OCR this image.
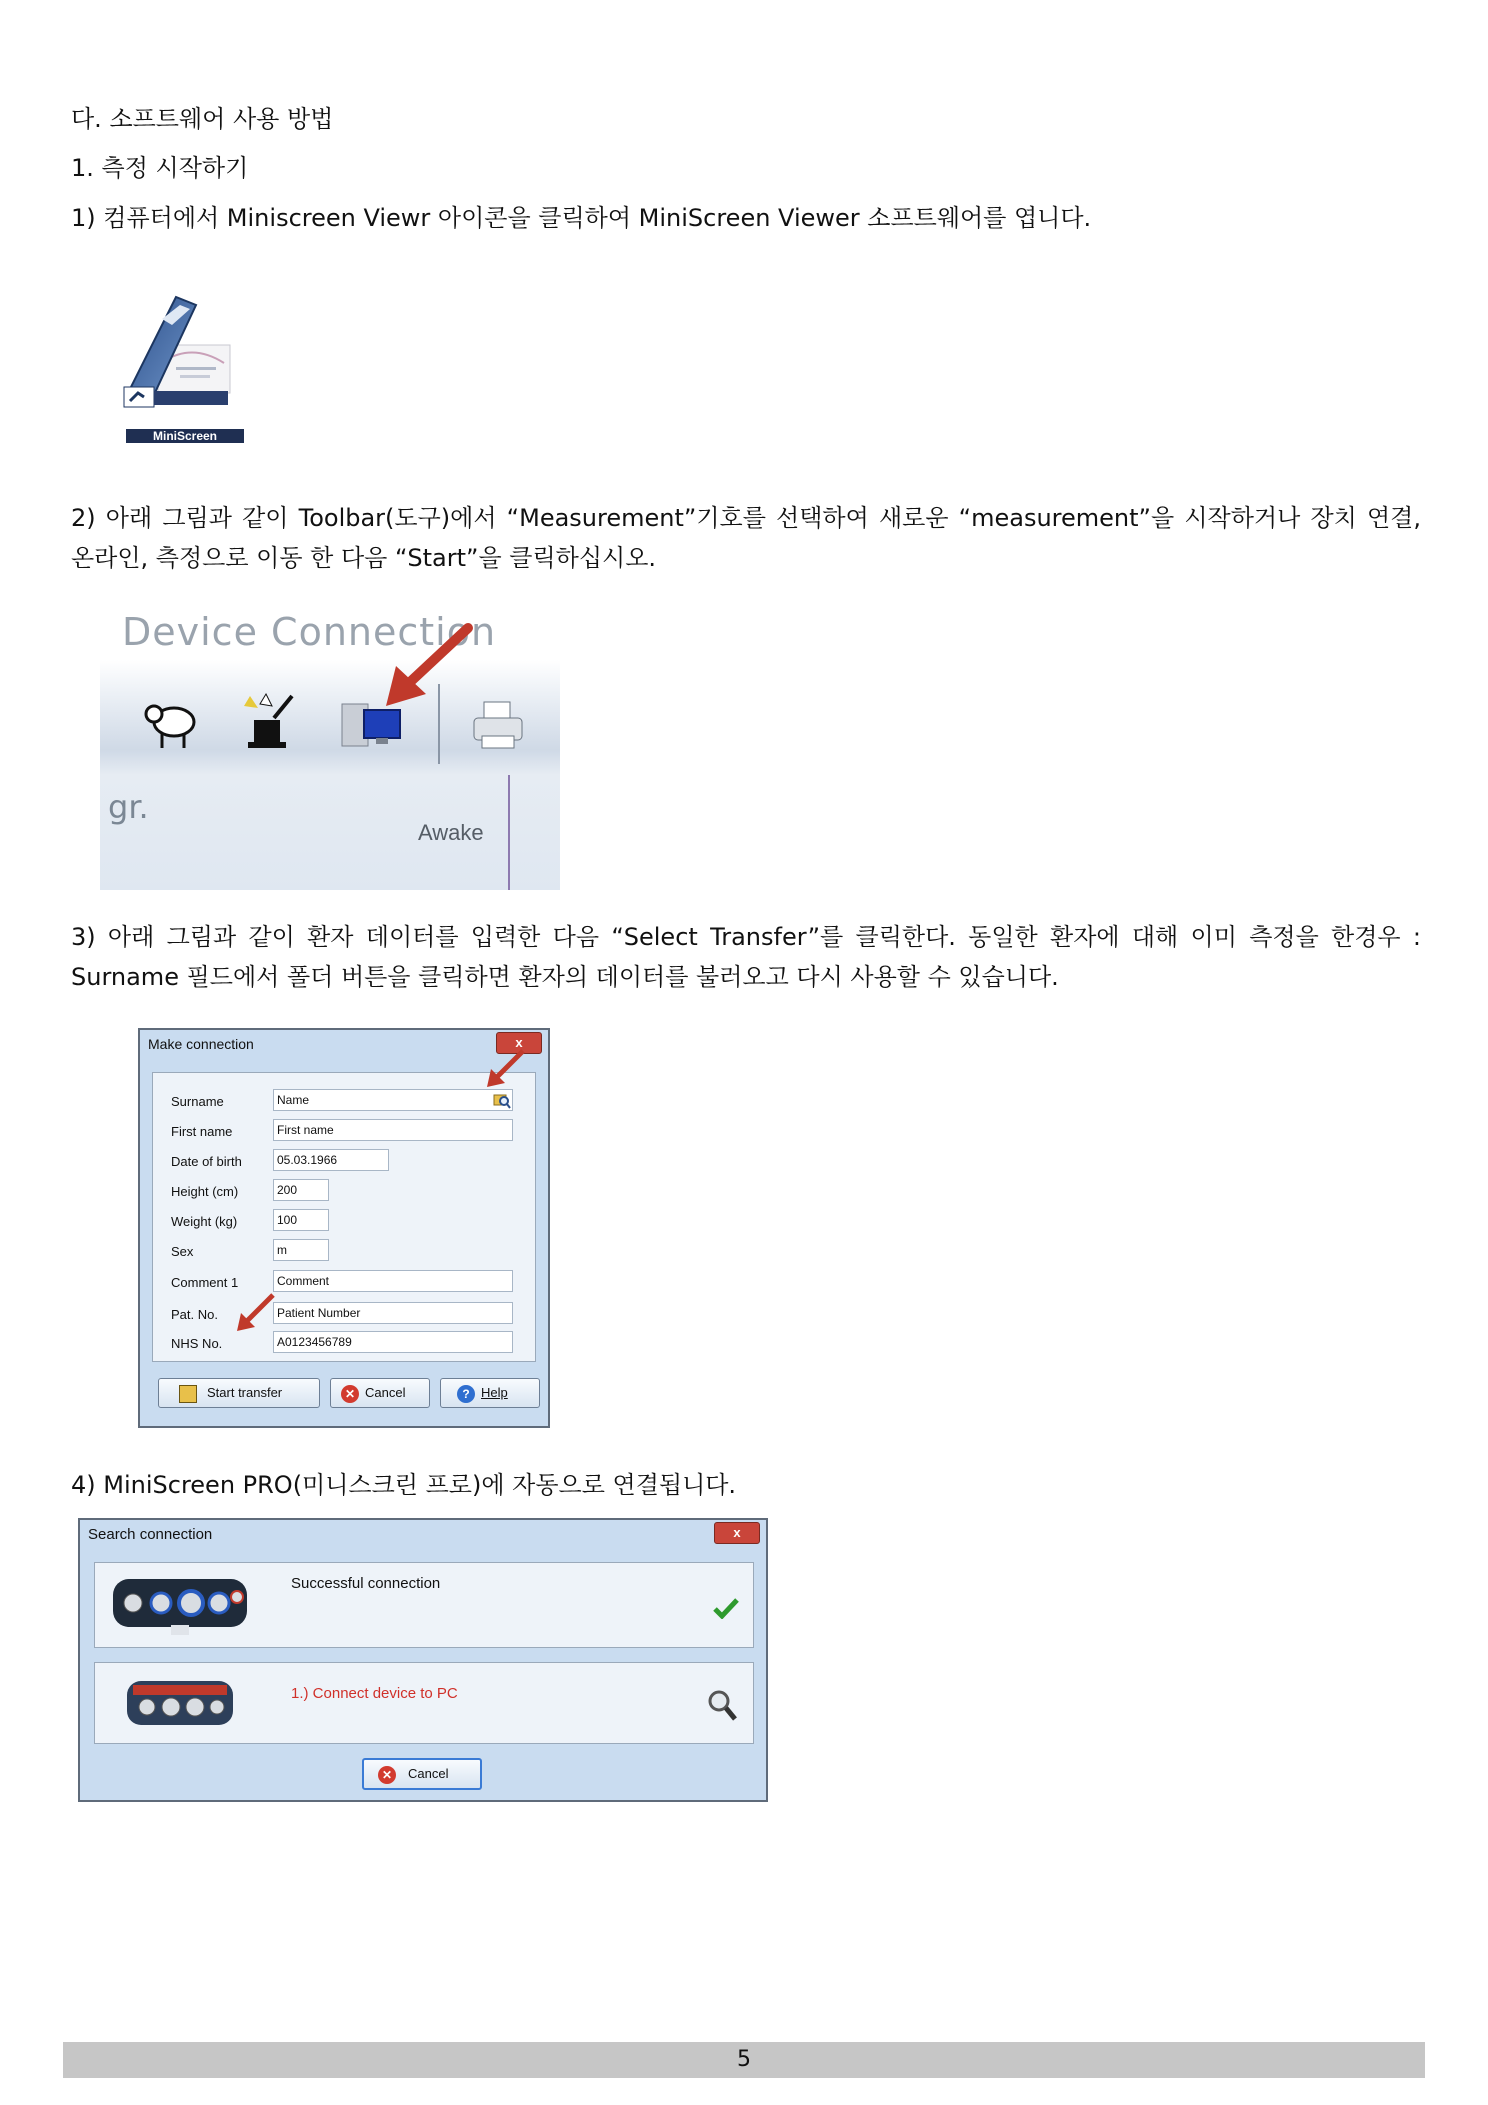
다. 소프트웨어 사용 방법
1. 측정 시작하기
1) 컴퓨터에서 Miniscreen Viewr 아이콘을 클릭하여 MiniScreen Viewer 소프트웨어를 엽니다.
MiniScreen
2) 아래 그림과 같이 Toolbar(도구)에서 “Measurement”기호를 선택하여 새로운 “measurement”을 시작하거나 장치 연결, 온라인, 측정으로 이동 한 다음 “Start”을 클릭하십시오.
Device Connection
gr.
Awake
3) 아래 그림과 같이 환자 데이터를 입력한 다음 “Select Transfer”를 클릭한다. 동일한 환자에 대해 이미 측정을 한경우 : Surname 필드에서 폴더 버튼을 클릭하면 환자의 데이터를 불러오고 다시 사용할 수 있습니다.
Make connection	x
Surname	Name
First name	First name
Date of birth	05.03.1966
Height (cm)	200
Weight (kg)	100
Sex	m
Comment 1	Comment
Pat. No.	Patient Number
NHS No.	A0123456789
Start transfer	✕ Cancel	? Help
4) MiniScreen PRO(미니스크린 프로)에 자동으로 연결됩니다.
Search connection	x
Successful connection
1.) Connect device to PC
✕ Cancel
5
